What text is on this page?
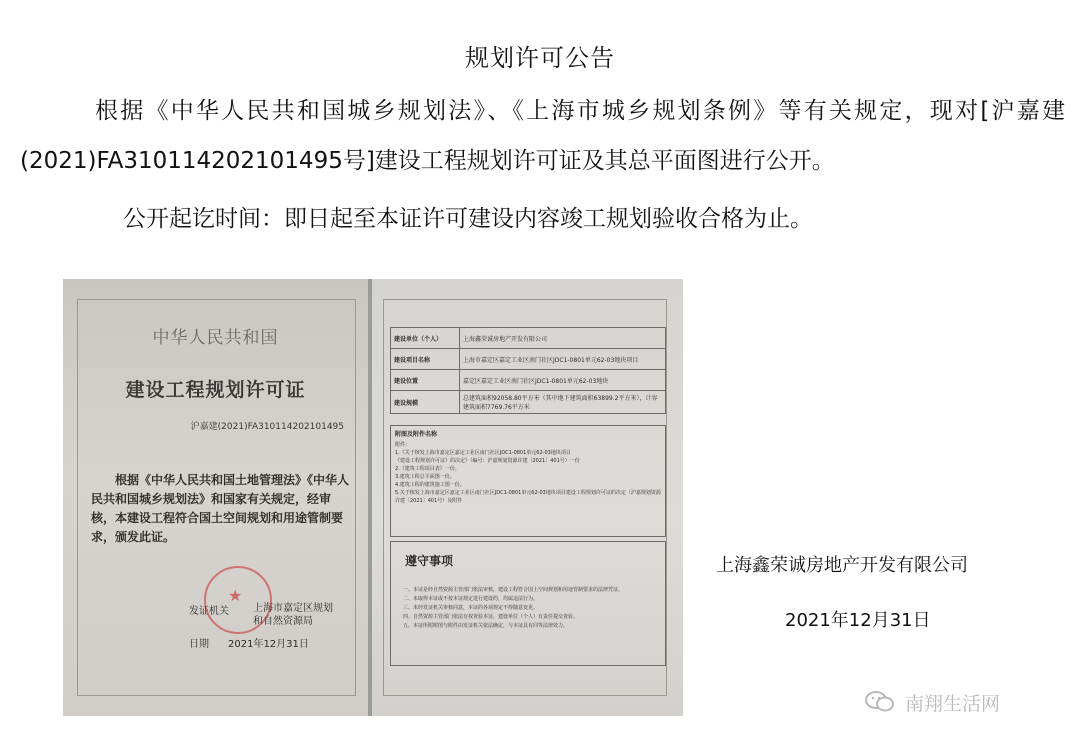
规划许可公告
根据《中华人民共和国城乡规划法》、《上海市城乡规划条例》等有关规定，现对[沪嘉建(2021)FA310114202101495号]建设工程规划许可证及其总平面图进行公开。
公开起讫时间：即日起至本证许可建设内容竣工规划验收合格为止。
中华人民共和国
建设工程规划许可证
沪嘉建(2021)FA310114202101495
根据《中华人民共和国土地管理法》《中华人民共和国城乡规划法》和国家有关规定，经审核，本建设工程符合国土空间规划和用途管制要求，颁发此证。
★
发证机关 上海市嘉定区规划和自然资源局
日期 2021年12月31日
建设单位（个人）	上海鑫荣诚房地产开发有限公司
建设项目名称	上海市嘉定区嘉定工业区南门社区JDC1-0801单元62-03地块项目
建设位置	嘉定区嘉定工业区南门社区JDC1-0801单元62-03地块
建设规模	总建筑面积92058.80平方米（其中地下建筑面积63899.2平方米），计容建筑面积7769.76平方米
附图及附件名称
附件：
1.《关于核发上海市嘉定区嘉定工业区南门社区JDC1-0801单元62-03地块项目
《建设工程规划许可证》的决定》（编号：沪嘉规划资源许建〔2021〕401号）一份
2.《建筑工程项目表》一份。
3.建筑工程总平面图一份。
4.建筑工程的建筑施工图一份。
5.关于核发上海市嘉定区嘉定工业区南门社区JDC1-0801单元62-03地块项目建设工程规划许可证的决定（沪嘉规划资源许建〔2021〕401号）及附件
遵守事项
一、本证是经自然资源主管部门依法审核，建设工程符合国土空间规划和用途管制要求的法律凭证。
二、未取得本证或不按本证规定进行建设的，均属违法行为。
三、未经发证机关审核同意，本证的各项规定不得随意变更。
四、自然资源主管部门依法有权查验本证，建设单位（个人）有责任提交查验。
五、本证所附附图与附件由发证机关依法确定，与本证具有同等法律效力。
上海鑫荣诚房地产开发有限公司
2021年12月31日
南翔生活网
